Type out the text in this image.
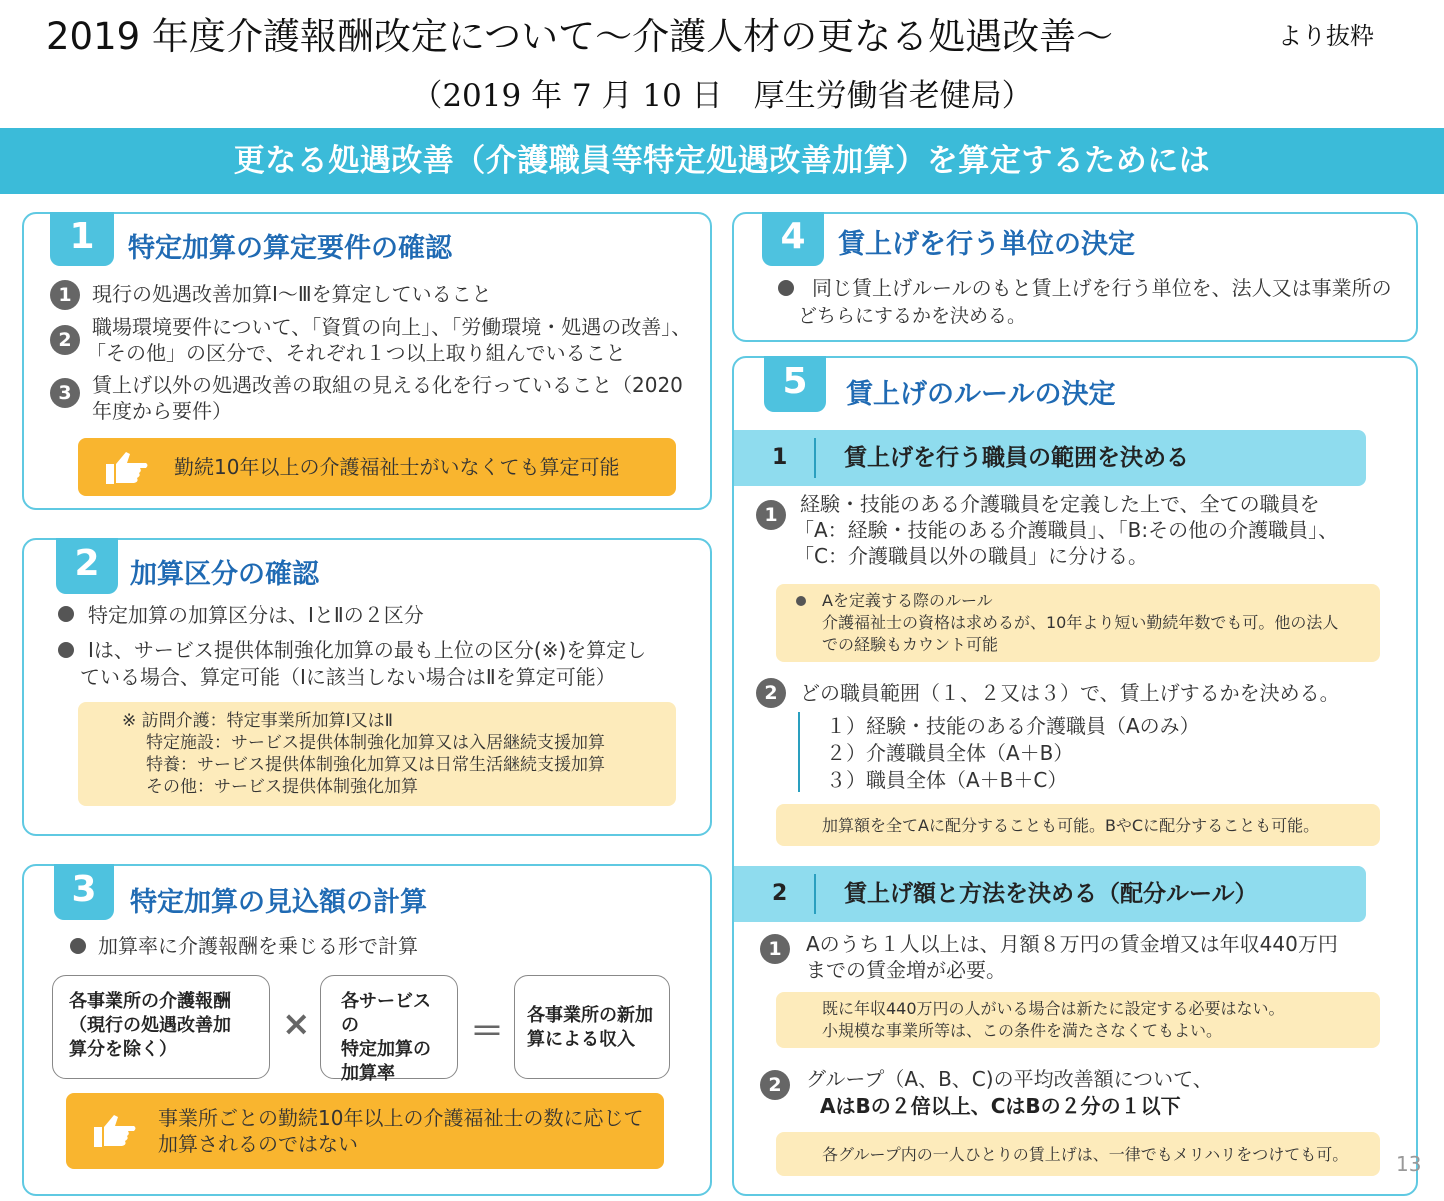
2019 年度介護報酬改定について〜介護人材の更なる処遇改善〜	より抜粋
（2019 年 7 月 10 日　厚生労働省老健局）
更なる処遇改善（介護職員等特定処遇改善加算）を算定するためには
1	特定加算の算定要件の確認
1	現行の処遇改善加算Ⅰ～Ⅲを算定していること
2
職場環境要件について、「資質の向上」、「労働環境・処遇の改善」、
「その他」の区分で、それぞれ１つ以上取り組んでいること
3	賃上げ以外の処遇改善の取組の見える化を行っていること（2020
年度から要件）
勤続10年以上の介護福祉士がいなくても算定可能
2	加算区分の確認
特定加算の加算区分は、ⅠとⅡの２区分
Ⅰは、サービス提供体制強化加算の最も上位の区分(※)を算定し
ている場合、算定可能（Ⅰに該当しない場合はⅡを算定可能）
※ 訪問介護：特定事業所加算Ⅰ又はⅡ
特定施設：サービス提供体制強化加算又は入居継続支援加算
特養：サービス提供体制強化加算又は日常生活継続支援加算
その他：サービス提供体制強化加算
3	特定加算の見込額の計算
加算率に介護報酬を乗じる形で計算
各事業所の介護報酬
（現行の処遇改善加
算分を除く）
×
各サービスの
特定加算の
加算率
＝ 各事業所の新加
算による収入
事業所ごとの勤続10年以上の介護福祉士の数に応じて
加算されるのではない
4	賃上げを行う単位の決定
同じ賃上げルールのもと賃上げを行う単位を、法人又は事業所の
どちらにするかを決める。
5	賃上げのルールの決定
1 賃上げを行う職員の範囲を決める
1	経験・技能のある介護職員を定義した上で、全ての職員を
「A：経験・技能のある介護職員」、「B:その他の介護職員」、
「C：介護職員以外の職員」に分ける。
Aを定義する際のルール
介護福祉士の資格は求めるが、10年より短い勤続年数でも可。他の法人
での経験もカウント可能
2	どの職員範囲（１、２又は３）で、賃上げするかを決める。
１）経験・技能のある介護職員（Aのみ）
２）介護職員全体（A＋B）
３）職員全体（A＋B＋C）
加算額を全てAに配分することも可能。BやCに配分することも可能。
2 賃上げ額と方法を決める（配分ルール）
1	Aのうち１人以上は、月額８万円の賃金増又は年収440万円
までの賃金増が必要。
既に年収440万円の人がいる場合は新たに設定する必要はない。
小規模な事業所等は、この条件を満たさなくてもよい。
2	グループ（A、B、C)の平均改善額について、
AはBの２倍以上、CはBの２分の１以下
各グループ内の一人ひとりの賃上げは、一律でもメリハリをつけても可。 13
